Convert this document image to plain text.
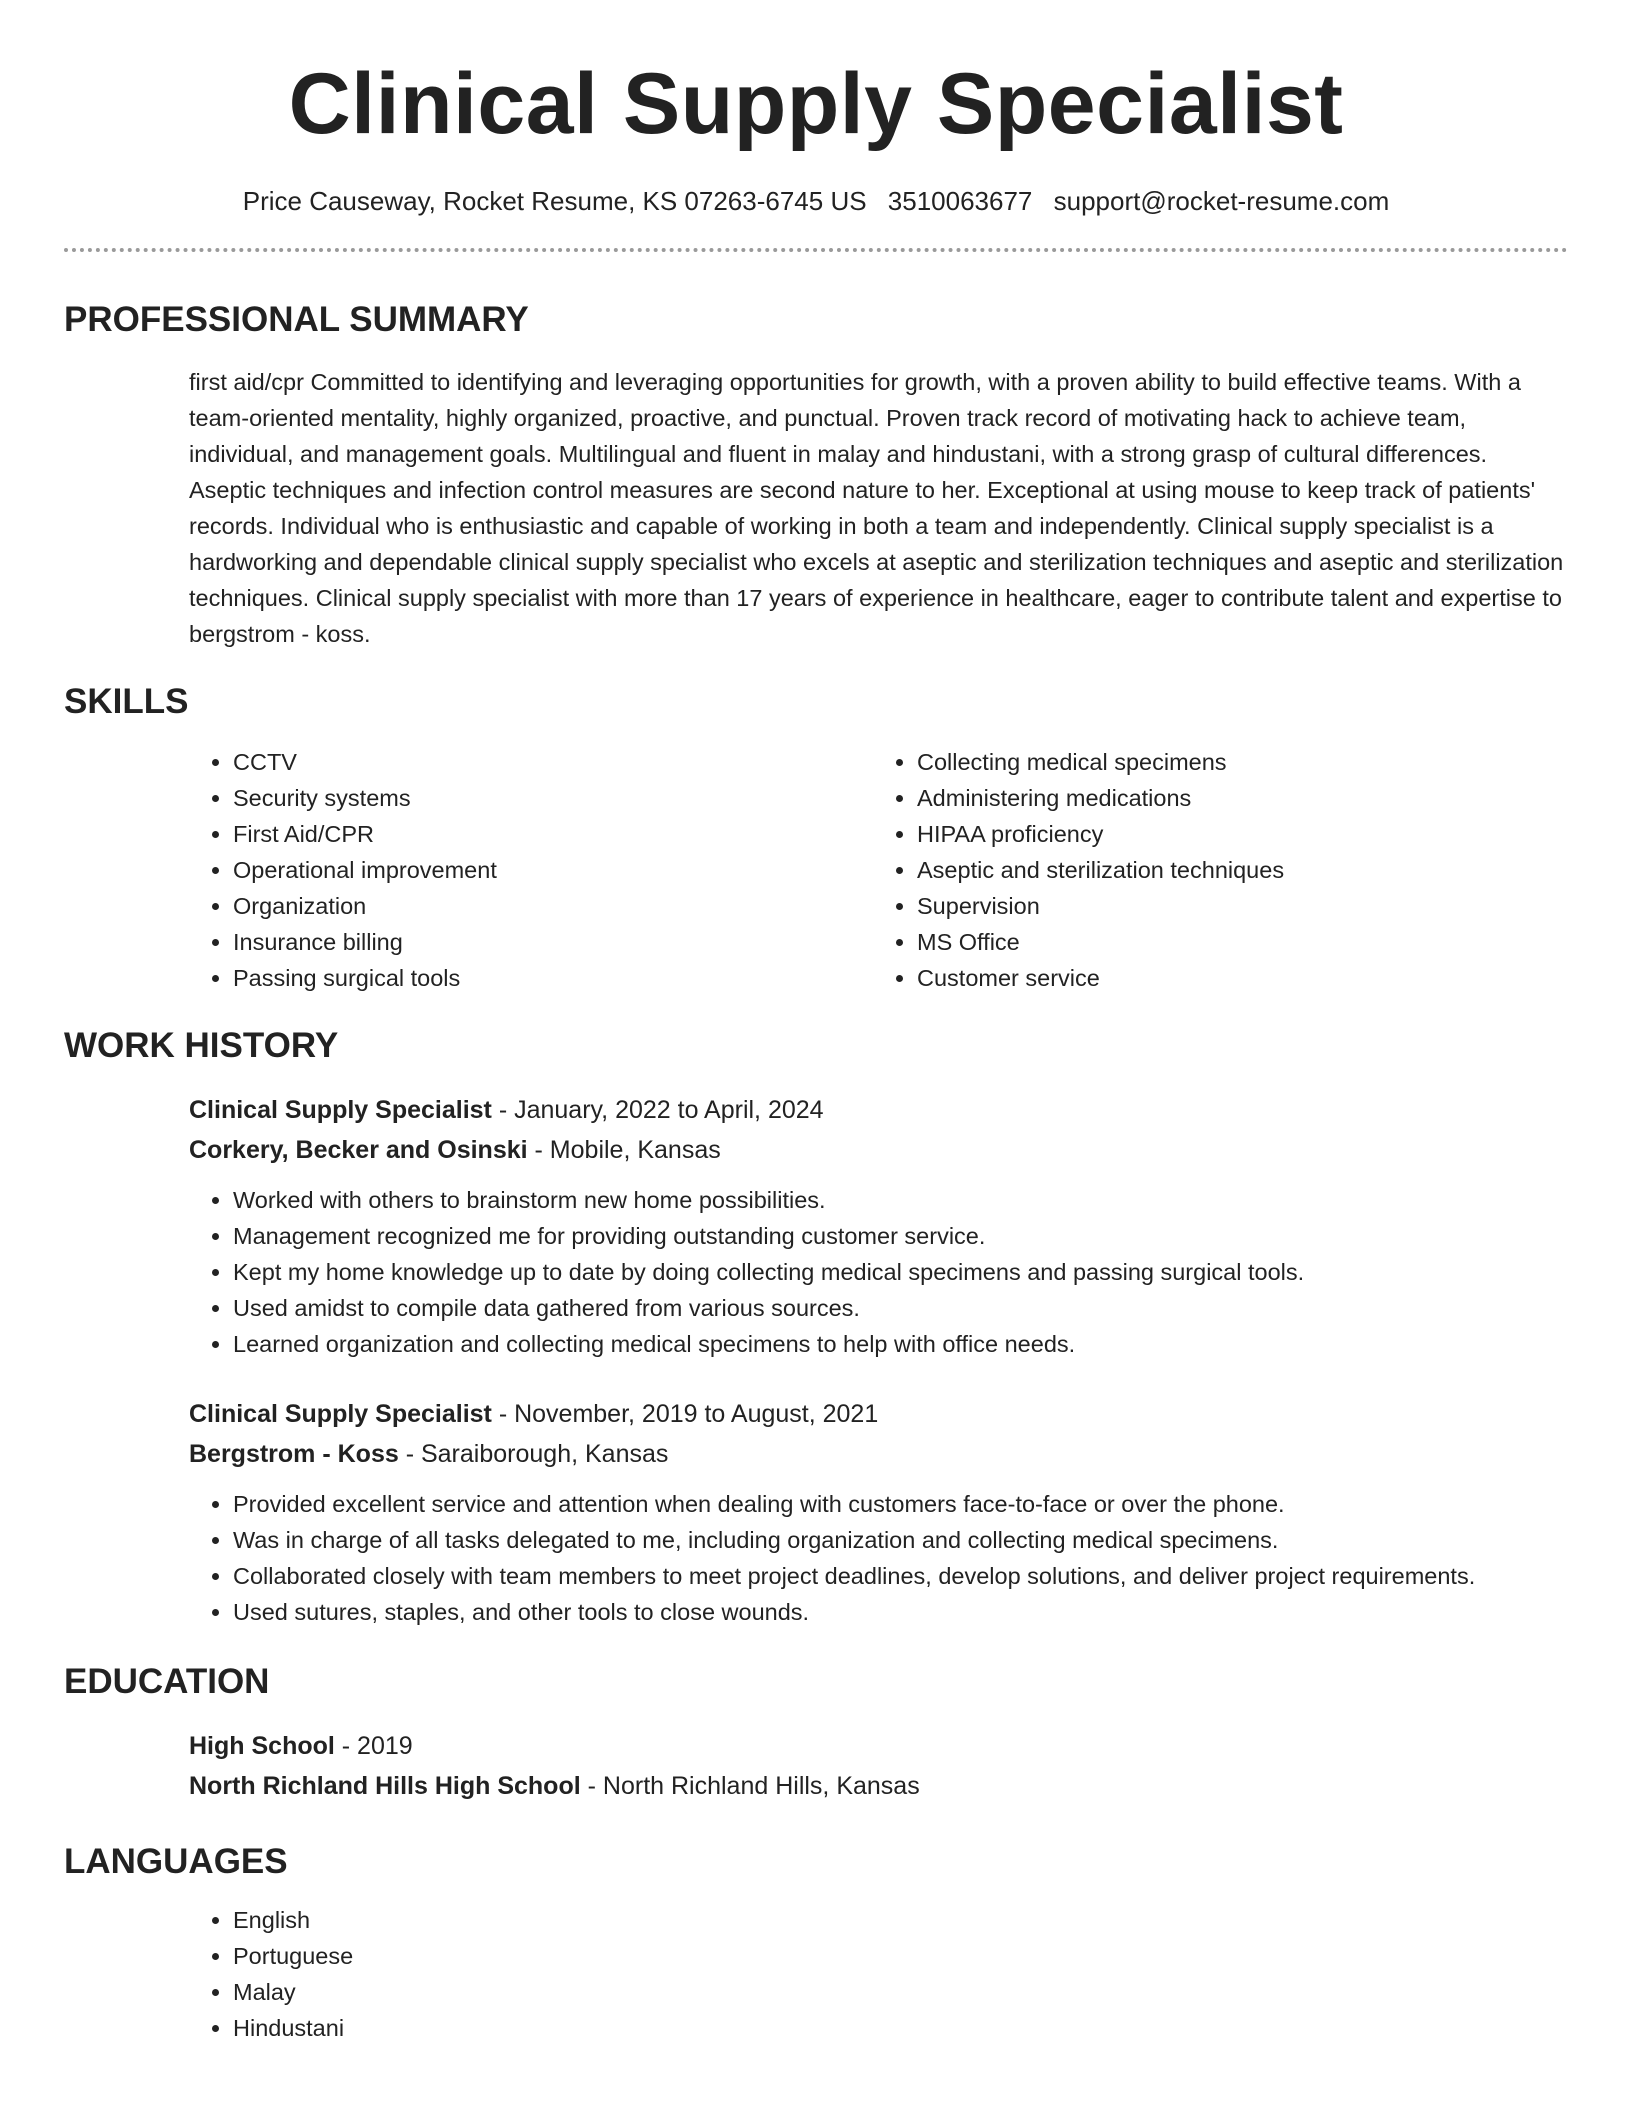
Clinical Supply Specialist
Price Causeway, Rocket Resume, KS 07263-6745 US 3510063677 support@rocket-resume.com
PROFESSIONAL SUMMARY

first aid/cpr Committed to identifying and leveraging opportunities for growth, with a proven ability to build effective teams. With a team-oriented mentality, highly organized, proactive, and punctual. Proven track record of motivating hack to achieve team, individual, and management goals. Multilingual and fluent in malay and hindustani, with a strong grasp of cultural differences. Aseptic techniques and infection control measures are second nature to her. Exceptional at using mouse to keep track of patients' records. Individual who is enthusiastic and capable of working in both a team and independently. Clinical supply specialist is a hardworking and dependable clinical supply specialist who excels at aseptic and sterilization techniques and aseptic and sterilization techniques. Clinical supply specialist with more than 17 years of experience in healthcare, eager to contribute talent and expertise to bergstrom - koss.

SKILLS
• CCTV
• Security systems
• First Aid/CPR
• Operational improvement
• Organization
• Insurance billing
• Passing surgical tools
• Collecting medical specimens
• Administering medications
• HIPAA proficiency
• Aseptic and sterilization techniques
• Supervision
• MS Office
• Customer service
WORK HISTORY
Clinical Supply Specialist - January, 2022 to April, 2024
Corkery, Becker and Osinski - Mobile, Kansas
• Worked with others to brainstorm new home possibilities.
• Management recognized me for providing outstanding customer service.
• Kept my home knowledge up to date by doing collecting medical specimens and passing surgical tools.
• Used amidst to compile data gathered from various sources.
• Learned organization and collecting medical specimens to help with office needs.
Clinical Supply Specialist - November, 2019 to August, 2021
Bergstrom - Koss - Saraiborough, Kansas
• Provided excellent service and attention when dealing with customers face-to-face or over the phone.
• Was in charge of all tasks delegated to me, including organization and collecting medical specimens.
• Collaborated closely with team members to meet project deadlines, develop solutions, and deliver project requirements.
• Used sutures, staples, and other tools to close wounds.
EDUCATION
High School - 2019
North Richland Hills High School - North Richland Hills, Kansas
LANGUAGES
• English
• Portuguese
• Malay
• Hindustani
